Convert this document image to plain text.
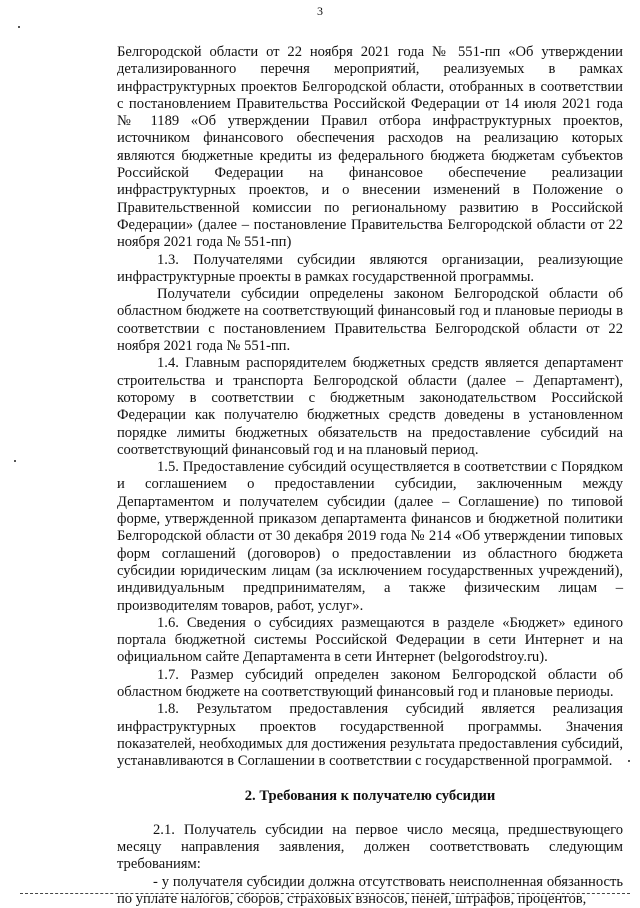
3

Белгородской области от 22 ноября 2021 года № 551-пп «Об утверждении детализированного перечня мероприятий, реализуемых в рамках инфраструктурных проектов Белгородской области, отобранных в соответствии с постановлением Правительства Российской Федерации от 14 июля 2021 года № 1189 «Об утверждении Правил отбора инфраструктурных проектов, источником финансового обеспечения расходов на реализацию которых являются бюджетные кредиты из федерального бюджета бюджетам субъектов Российской Федерации на финансовое обеспечение реализации инфраструктурных проектов, и о внесении изменений в Положение о Правительственной комиссии по региональному развитию в Российской Федерации» (далее – постановление Правительства Белгородской области от 22 ноября 2021 года № 551-пп)

1.3. Получателями субсидии являются организации, реализующие инфраструктурные проекты в рамках государственной программы.

Получатели субсидии определены законом Белгородской области об областном бюджете на соответствующий финансовый год и плановые периоды в соответствии с постановлением Правительства Белгородской области от 22 ноября 2021 года № 551-пп.

1.4. Главным распорядителем бюджетных средств является департамент строительства и транспорта Белгородской области (далее – Департамент), которому в соответствии с бюджетным законодательством Российской Федерации как получателю бюджетных средств доведены в установленном порядке лимиты бюджетных обязательств на предоставление субсидий на соответствующий финансовый год и на плановый период.

1.5. Предоставление субсидий осуществляется в соответствии с Порядком и соглашением о предоставлении субсидии, заключенным между Департаментом и получателем субсидии (далее – Соглашение) по типовой форме, утвержденной приказом департамента финансов и бюджетной политики Белгородской области от 30 декабря 2019 года № 214 «Об утверждении типовых форм соглашений (договоров) о предоставлении из областного бюджета субсидии юридическим лицам (за исключением государственных учреждений), индивидуальным предпринимателям, а также физическим лицам – производителям товаров, работ, услуг».

1.6. Сведения о субсидиях размещаются в разделе «Бюджет» единого портала бюджетной системы Российской Федерации в сети Интернет и на официальном сайте Департамента в сети Интернет (belgorodstroy.ru).

1.7. Размер субсидий определен законом Белгородской области об областном бюджете на соответствующий финансовый год и плановые периоды.

1.8. Результатом предоставления субсидий является реализация инфраструктурных проектов государственной программы. Значения показателей, необходимых для достижения результата предоставления субсидий, устанавливаются в Соглашении в соответствии с государственной программой.

2. Требования к получателю субсидии

2.1. Получатель субсидии на первое число месяца, предшествующего месяцу направления заявления, должен соответствовать следующим требованиям:

- у получателя субсидии должна отсутствовать неисполненная обязанность по уплате налогов, сборов, страховых взносов, пеней, штрафов, процентов,
